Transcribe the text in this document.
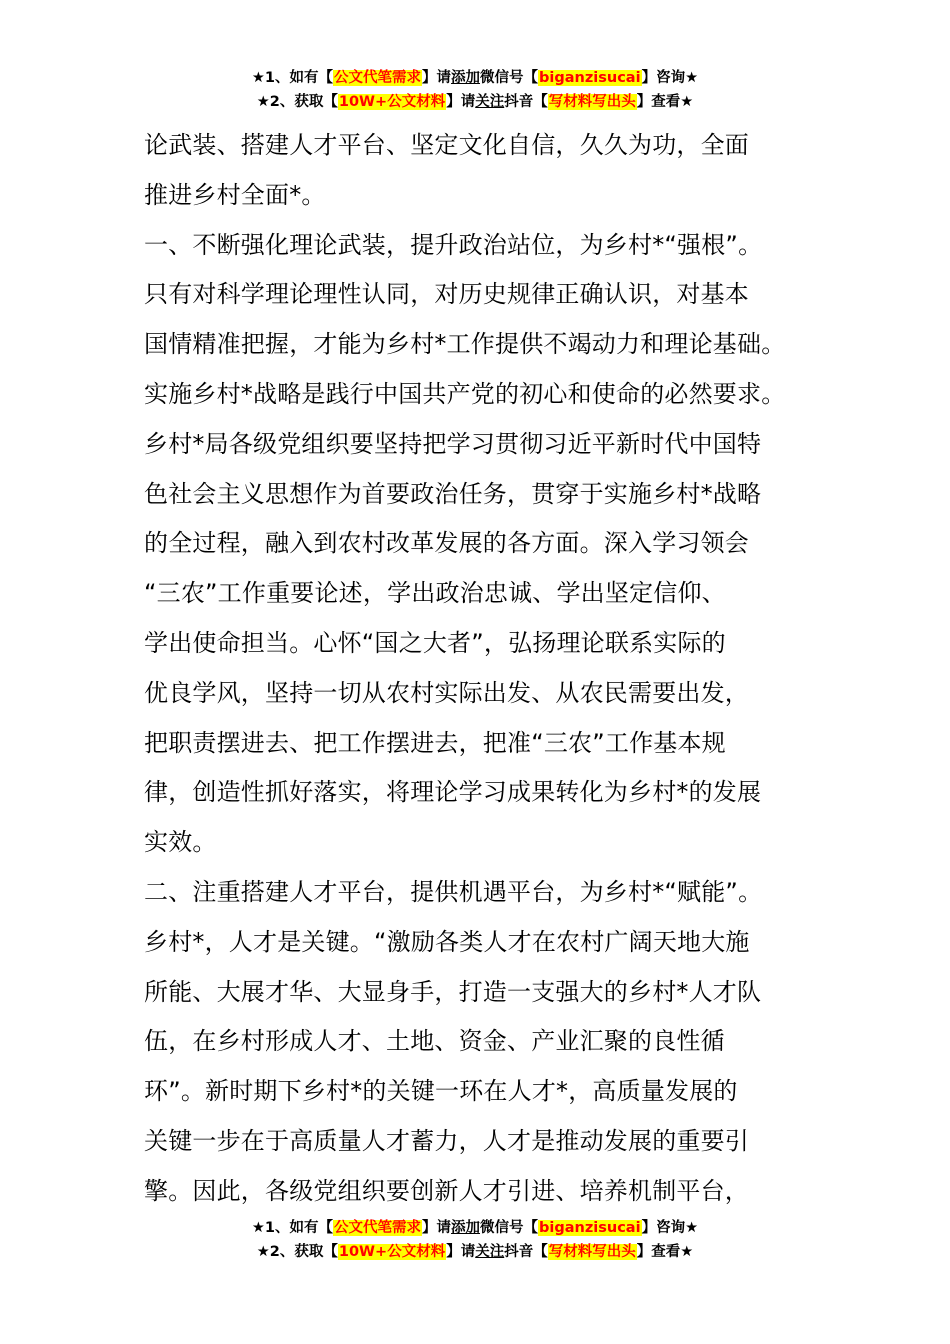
★1、如有【公文代笔需求】请添加微信号【biganzisucai】咨询★
★2、获取【10W+公文材料】请关注抖音【写材料写出头】查看★

论武装、搭建人才平台、坚定文化自信，久久为功，全面

推进乡村全面*。

一、不断强化理论武装，提升政治站位，为乡村*“强根”。

只有对科学理论理性认同，对历史规律正确认识，对基本

国情精准把握，才能为乡村*工作提供不竭动力和理论基础。

实施乡村*战略是践行中国共产党的初心和使命的必然要求。

乡村*局各级党组织要坚持把学习贯彻习近平新时代中国特

色社会主义思想作为首要政治任务，贯穿于实施乡村*战略

的全过程，融入到农村改革发展的各方面。深入学习领会

“三农”工作重要论述，学出政治忠诚、学出坚定信仰、

学出使命担当。心怀“国之大者”，弘扬理论联系实际的

优良学风，坚持一切从农村实际出发、从农民需要出发，

把职责摆进去、把工作摆进去，把准“三农”工作基本规

律，创造性抓好落实，将理论学习成果转化为乡村*的发展

实效。

二、注重搭建人才平台，提供机遇平台，为乡村*“赋能”。

乡村*，人才是关键。“激励各类人才在农村广阔天地大施

所能、大展才华、大显身手，打造一支强大的乡村*人才队

伍，在乡村形成人才、土地、资金、产业汇聚的良性循

环”。新时期下乡村*的关键一环在人才*，高质量发展的

关键一步在于高质量人才蓄力，人才是推动发展的重要引

擎。因此，各级党组织要创新人才引进、培养机制平台，

★1、如有【公文代笔需求】请添加微信号【biganzisucai】咨询★
★2、获取【10W+公文材料】请关注抖音【写材料写出头】查看★
